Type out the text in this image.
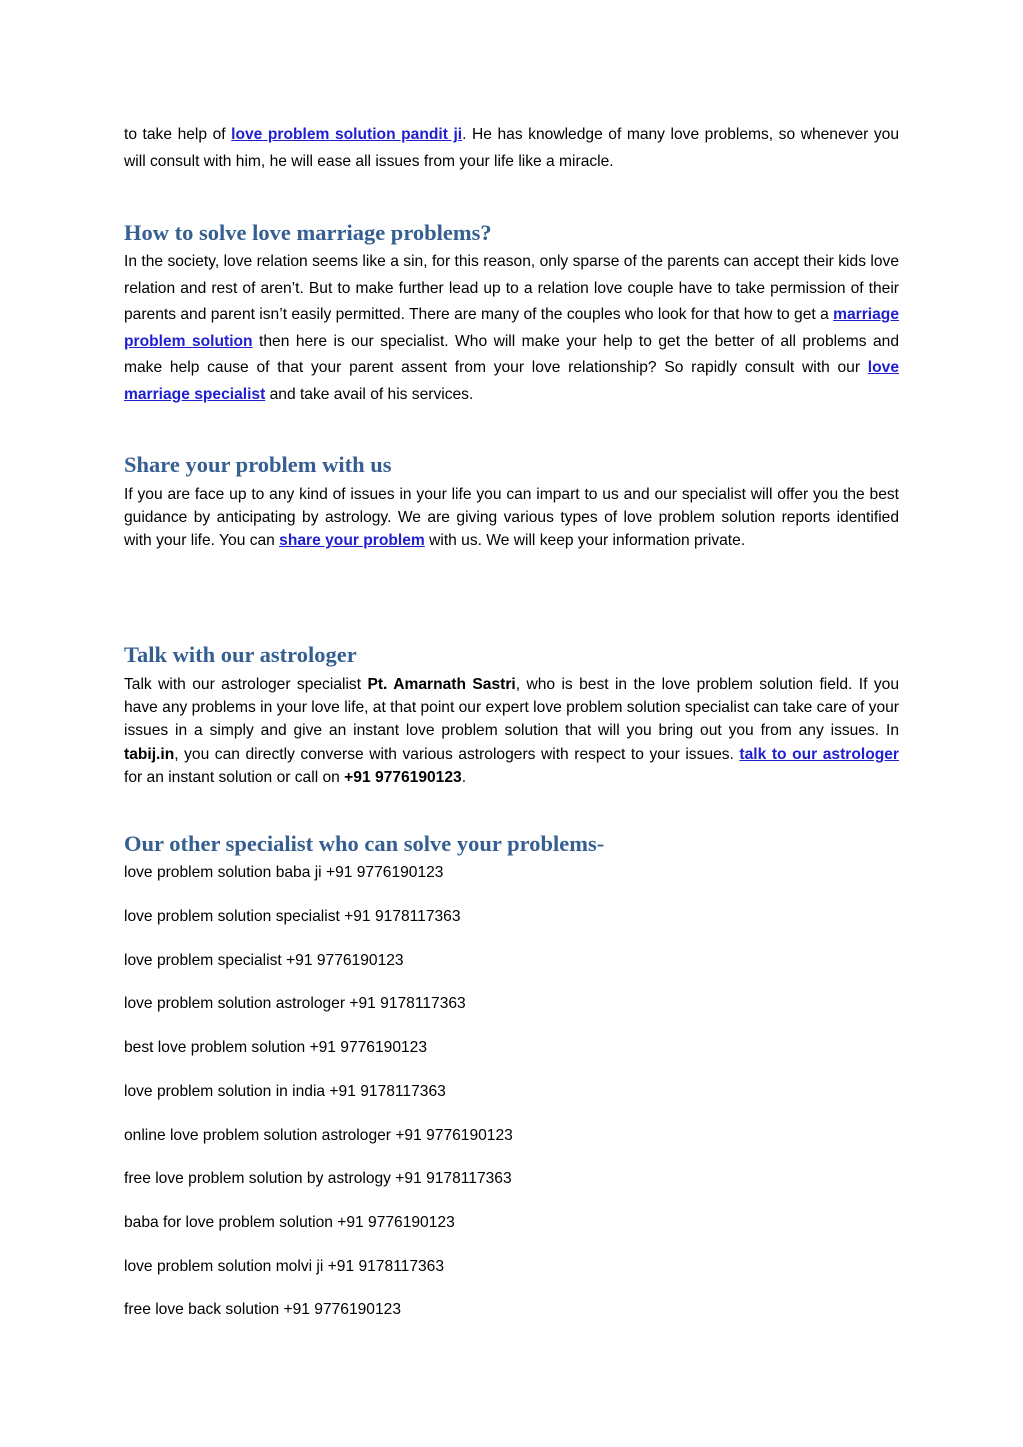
to take help of love problem solution pandit ji. He has knowledge of many love problems, so whenever you will consult with him, he will ease all issues from your life like a miracle.

How to solve love marriage problems?

In the society, love relation seems like a sin, for this reason, only sparse of the parents can accept their kids love relation and rest of aren’t. But to make further lead up to a relation love couple have to take permission of their parents and parent isn’t easily permitted. There are many of the couples who look for that how to get a marriage problem solution then here is our specialist. Who will make your help to get the better of all problems and make help cause of that your parent assent from your love relationship? So rapidly consult with our love marriage specialist and take avail of his services.

Share your problem with us

If you are face up to any kind of issues in your life you can impart to us and our specialist will offer you the best guidance by anticipating by astrology. We are giving various types of love problem solution reports identified with your life. You can share your problem with us. We will keep your information private.

Talk with our astrologer

Talk with our astrologer specialist Pt. Amarnath Sastri, who is best in the love problem solution field. If you have any problems in your love life, at that point our expert love problem solution specialist can take care of your issues in a simply and give an instant love problem solution that will you bring out you from any issues. In tabij.in, you can directly converse with various astrologers with respect to your issues. talk to our astrologer for an instant solution or call on +91 9776190123.

Our other specialist who can solve your problems-

love problem solution baba ji +91 9776190123

love problem solution specialist +91 9178117363

love problem specialist +91 9776190123

love problem solution astrologer +91 9178117363

best love problem solution +91 9776190123

love problem solution in india +91 9178117363

online love problem solution astrologer +91 9776190123

free love problem solution by astrology +91 9178117363

baba for love problem solution +91 9776190123

love problem solution molvi ji +91 9178117363

free love back solution +91 9776190123
